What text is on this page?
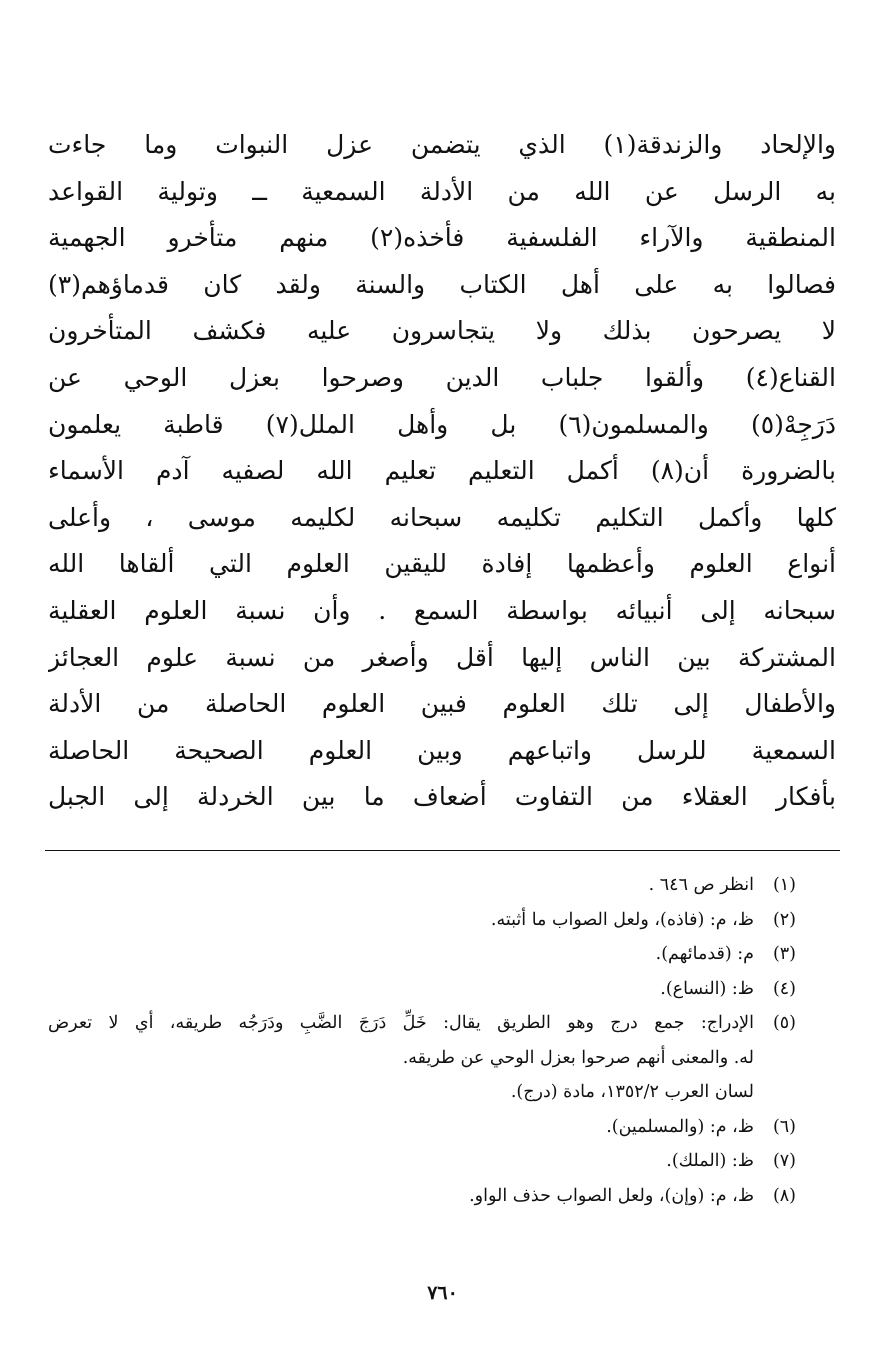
والإلحاد والزندقة(١) الذي يتضمن عزل النبوات وما جاءت
به الرسل عن الله من الأدلة السمعية ــ وتولية القواعد
المنطقية والآراء الفلسفية فأخذه(٢) منهم متأخرو الجهمية
فصالوا به على أهل الكتاب والسنة ولقد كان قدماؤهم(٣)
لا يصرحون بذلك ولا يتجاسرون عليه فكشف المتأخرون
القناع(٤) وألقوا جلباب الدين وصرحوا بعزل الوحي عن
دَرَجِهْ(٥) والمسلمون(٦) بل وأهل الملل(٧) قاطبة يعلمون
بالضرورة أن(٨) أكمل التعليم تعليم الله لصفيه آدم الأسماء
كلها وأكمل التكليم تكليمه سبحانه لكليمه موسى ، وأعلى
أنواع العلوم وأعظمها إفادة لليقين العلوم التي ألقاها الله
سبحانه إلى أنبيائه بواسطة السمع . وأن نسبة العلوم العقلية
المشتركة بين الناس إليها أقل وأصغر من نسبة علوم العجائز
والأطفال إلى تلك العلوم فبين العلوم الحاصلة من الأدلة
السمعية للرسل واتباعهم وبين العلوم الصحيحة الحاصلة
بأفكار العقلاء من التفاوت أضعاف ما بين الخردلة إلى الجبل
(١)
انظر ص ٦٤٦ .
(٢)
ظ، م: (فاذه)، ولعل الصواب ما أثبته.
(٣)
م: (قدمائهم).
(٤)
ظ: (النساع).
(٥)
الإدراج: جمع درج وهو الطريق يقال: خَلِّ دَرَجَ الضَّبِ ودَرَجُه طريقه، أي لا تعرض
له. والمعنى أنهم صرحوا بعزل الوحي عن طريقه.
لسان العرب ١٣٥٢/٢، مادة (درج).
(٦)
ظ، م: (والمسلمين).
(٧)
ظ: (الملك).
(٨)
ظ، م: (وإن)، ولعل الصواب حذف الواو.
٧٦٠
